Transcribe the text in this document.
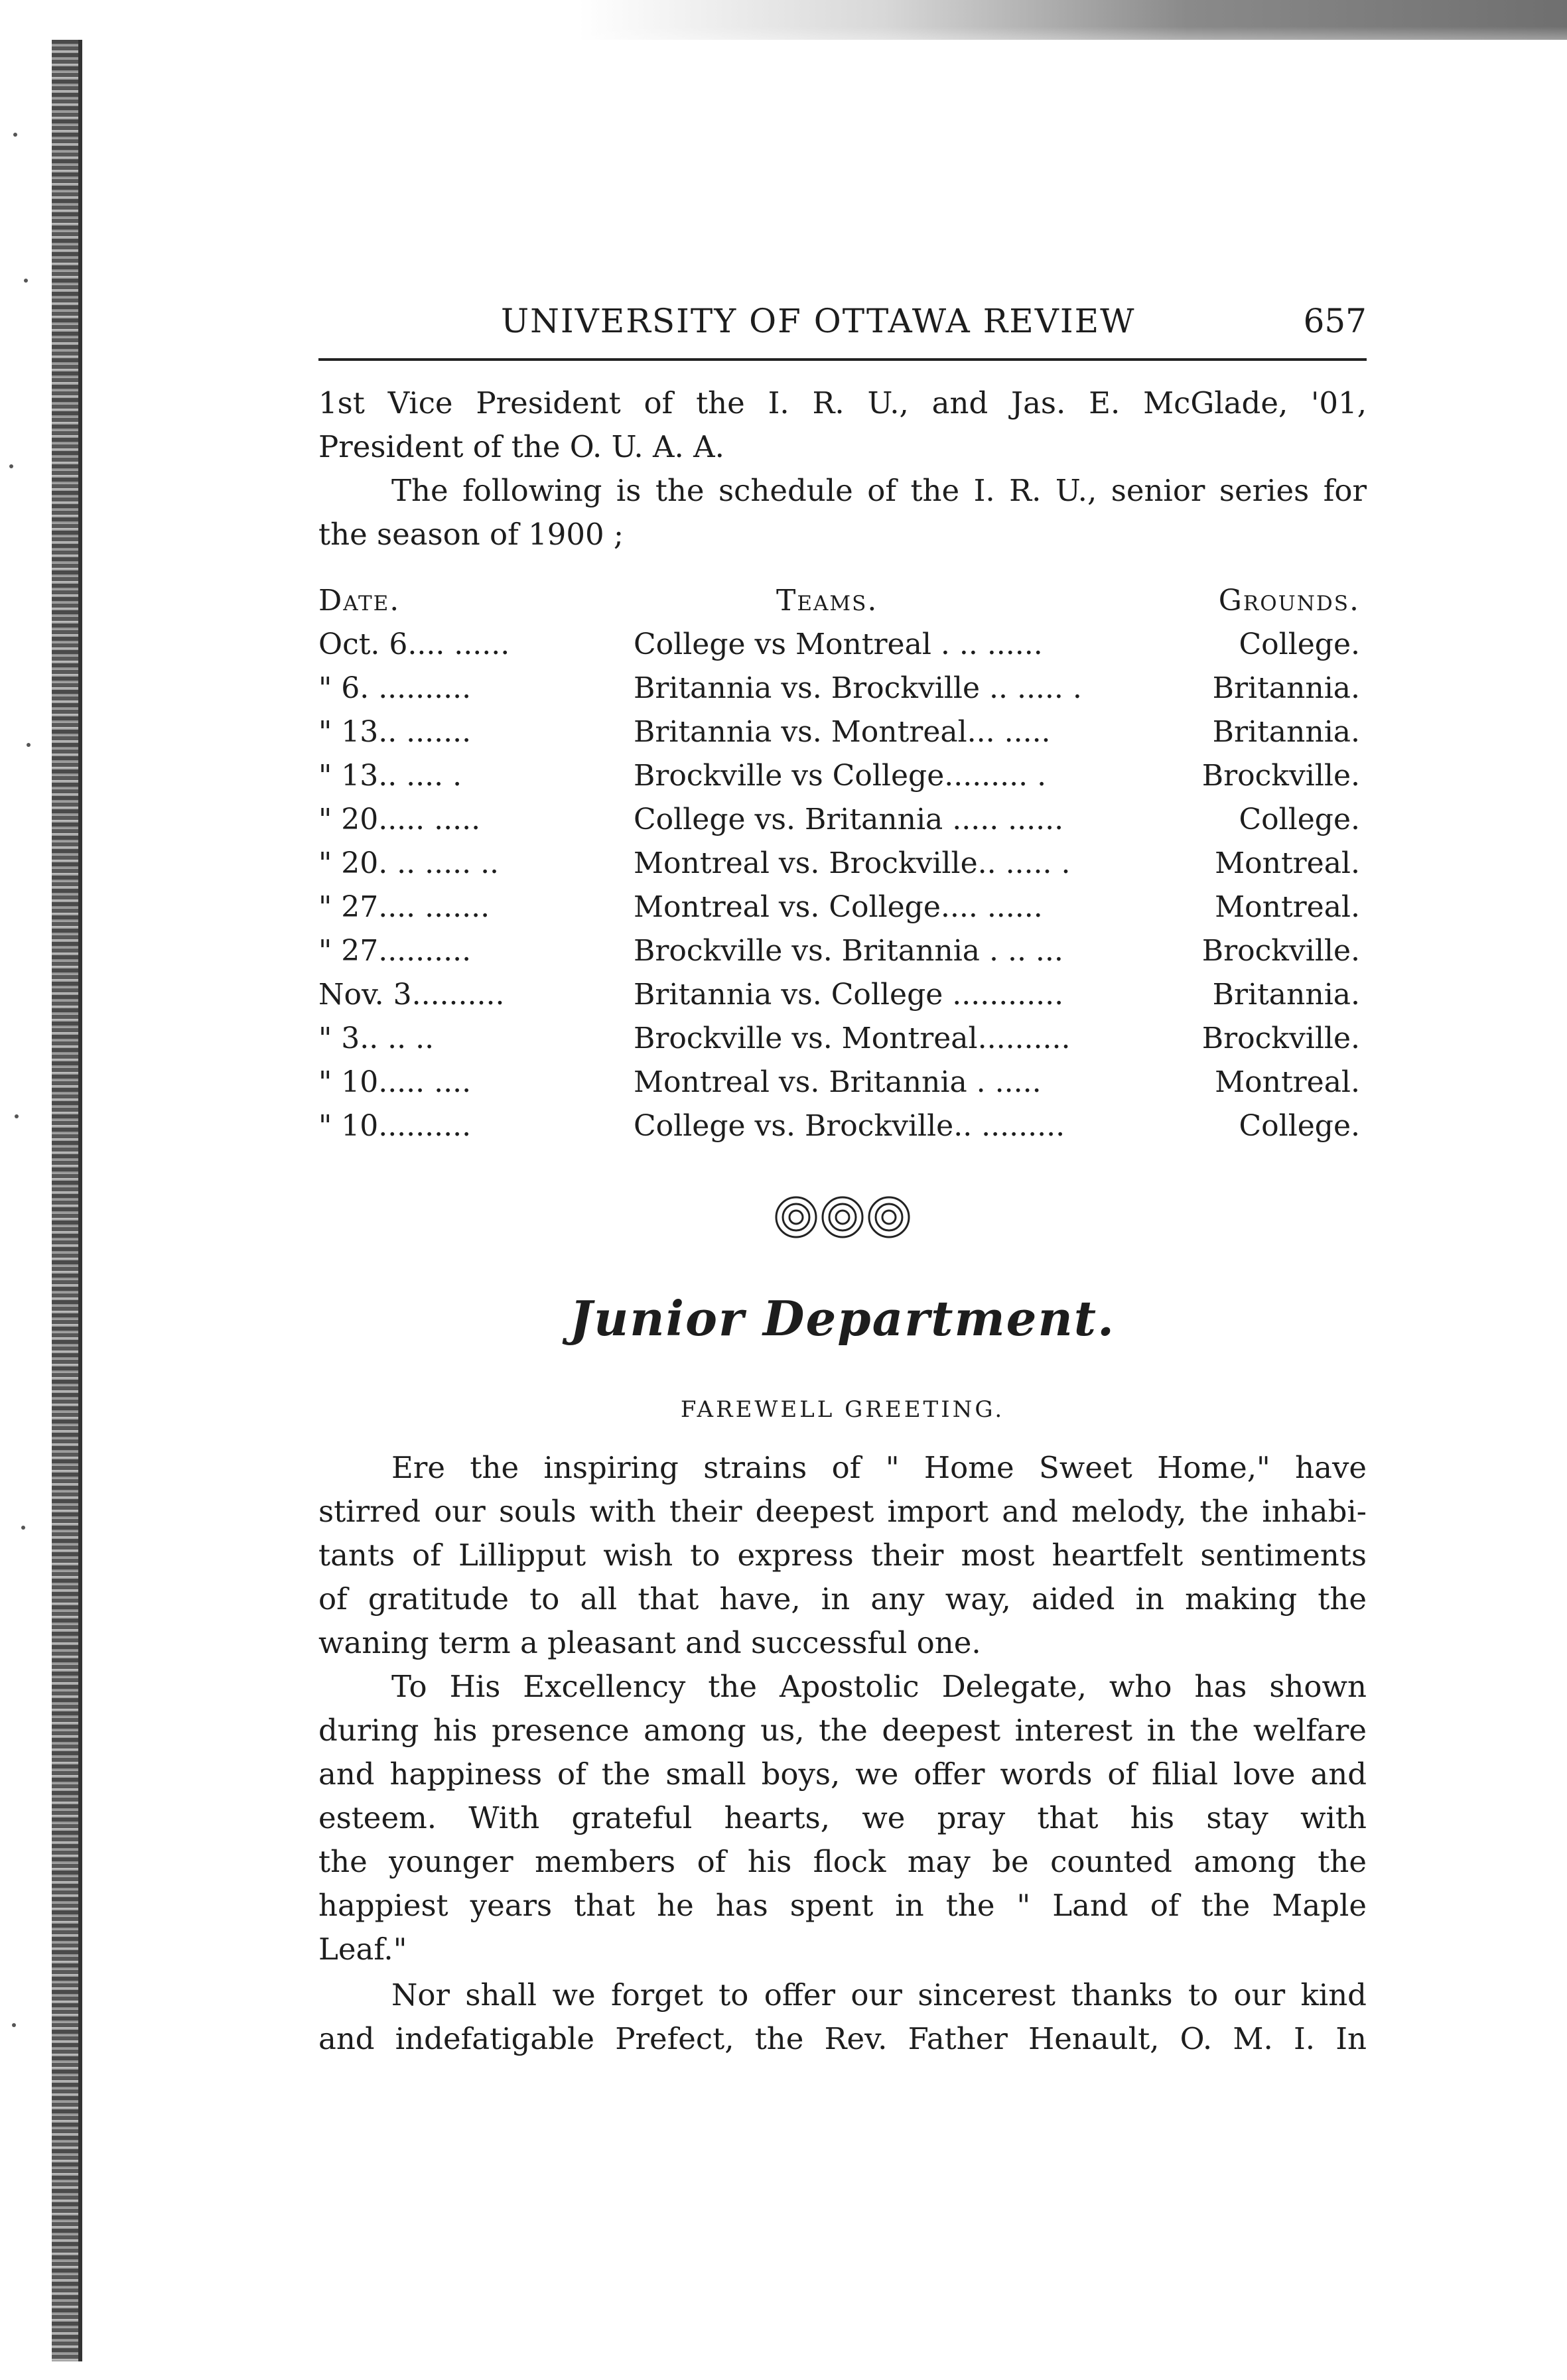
UNIVERSITY OF OTTAWA REVIEW	657
1st Vice President of the I. R. U., and Jas. E. McGlade, '01,
President of the O. U. A. A.
The following is the schedule of the I. R. U., senior series for
the season of 1900 ;
Date.	Teams.	Grounds.
Oct. 6.... ......	College vs Montreal . .. ......	College.
" 6. ..........	Britannia vs. Brockville .. ..... .	Britannia.
" 13.. .......	Britannia vs. Montreal... .....	Britannia.
" 13.. .... .	Brockville vs College......... .	Brockville.
" 20..... .....	College vs. Britannia ..... ......	College.
" 20. .. ..... ..	Montreal vs. Brockville.. ..... .	Montreal.
" 27.... .......	Montreal vs. College.... ......	Montreal.
" 27..........	Brockville vs. Britannia . .. ...	Brockville.
Nov. 3..........	Britannia vs. College ............	Britannia.
" 3.. .. ..	Brockville vs. Montreal..........	Brockville.
" 10..... ....	Montreal vs. Britannia . .....	Montreal.
" 10..........	College vs. Brockville.. .........	College.
Junior Department.
FAREWELL GREETING.
Ere the inspiring strains of " Home Sweet Home," have
stirred our souls with their deepest import and melody, the inhabi-
tants of Lillipput wish to express their most heartfelt sentiments
of gratitude to all that have, in any way, aided in making the
waning term a pleasant and successful one.
To His Excellency the Apostolic Delegate, who has shown
during his presence among us, the deepest interest in the welfare
and happiness of the small boys, we offer words of filial love and
esteem. With grateful hearts, we pray that his stay with
the younger members of his flock may be counted among the
happiest years that he has spent in the " Land of the Maple
Leaf."
Nor shall we forget to offer our sincerest thanks to our kind
and indefatigable Prefect, the Rev. Father Henault, O. M. I. In
